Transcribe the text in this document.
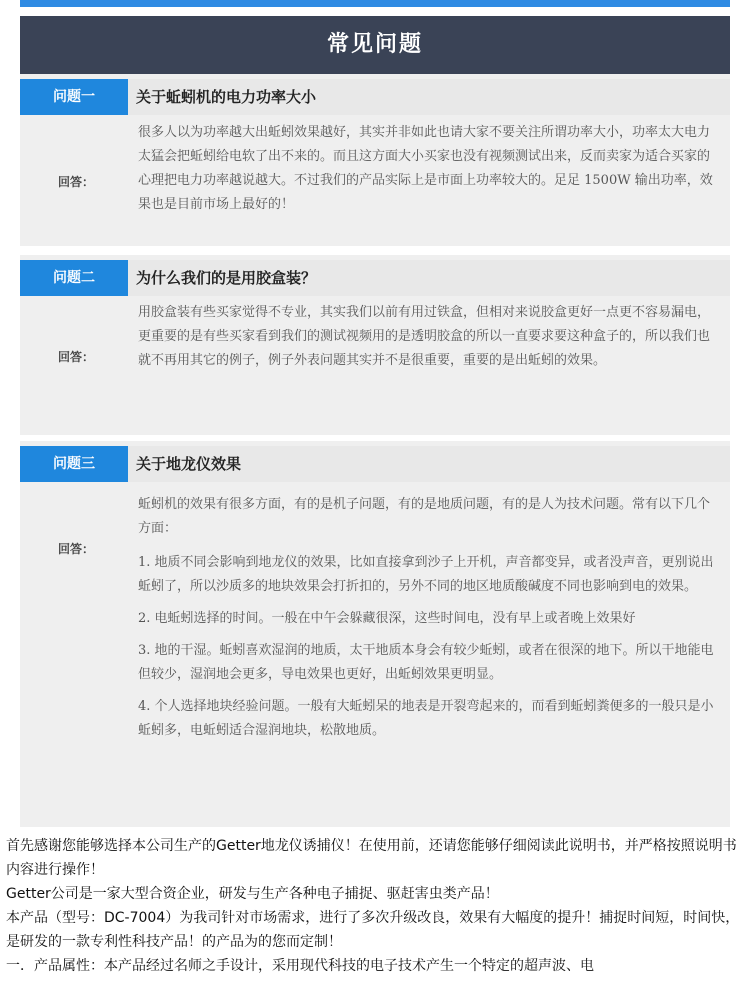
常见问题
问题一	关于蚯蚓机的电力功率大小
回答：

很多人以为功率越大出蚯蚓效果越好，其实并非如此也请大家不要关注所谓功率大小，功率太大电力太猛会把蚯蚓给电软了出不来的。而且这方面大小买家也没有视频测试出来，反而卖家为适合买家的心理把电力功率越说越大。不过我们的产品实际上是市面上功率较大的。足足 1500W 输出功率，效果也是目前市场上最好的！

问题二	为什么我们的是用胶盒装？
回答：

用胶盒装有些买家觉得不专业，其实我们以前有用过铁盒，但相对来说胶盒更好一点更不容易漏电，更重要的是有些买家看到我们的测试视频用的是透明胶盒的所以一直要求要这种盒子的，所以我们也就不再用其它的例子，例子外表问题其实并不是很重要，重要的是出蚯蚓的效果。

问题三	关于地龙仪效果
回答：

蚯蚓机的效果有很多方面，有的是机子问题，有的是地质问题，有的是人为技术问题。常有以下几个方面：

1. 地质不同会影响到地龙仪的效果，比如直接拿到沙子上开机，声音都变异，或者没声音，更别说出蚯蚓了，所以沙质多的地块效果会打折扣的，另外不同的地区地质酸碱度不同也影响到电的效果。

2. 电蚯蚓选择的时间。一般在中午会躲藏很深，这些时间电，没有早上或者晚上效果好

3. 地的干湿。蚯蚓喜欢湿润的地质，太干地质本身会有较少蚯蚓，或者在很深的地下。所以干地能电但较少，湿润地会更多，导电效果也更好，出蚯蚓效果更明显。

4. 个人选择地块经验问题。一般有大蚯蚓呆的地表是开裂弯起来的，而看到蚯蚓粪便多的一般只是小蚯蚓多，电蚯蚓适合湿润地块，松散地质。

首先感谢您能够选择本公司生产的Getter地龙仪诱捕仪！在使用前，还请您能够仔细阅读此说明书，并严格按照说明书内容进行操作！

Getter公司是一家大型合资企业，研发与生产各种电子捕捉、驱赶害虫类产品！

本产品（型号：DC-7004）为我司针对市场需求，进行了多次升级改良，效果有大幅度的提升！捕捉时间短，时间快，是研发的一款专利性科技产品！的产品为的您而定制！

一．产品属性：本产品经过名师之手设计，采用现代科技的电子技术产生一个特定的超声波、电
